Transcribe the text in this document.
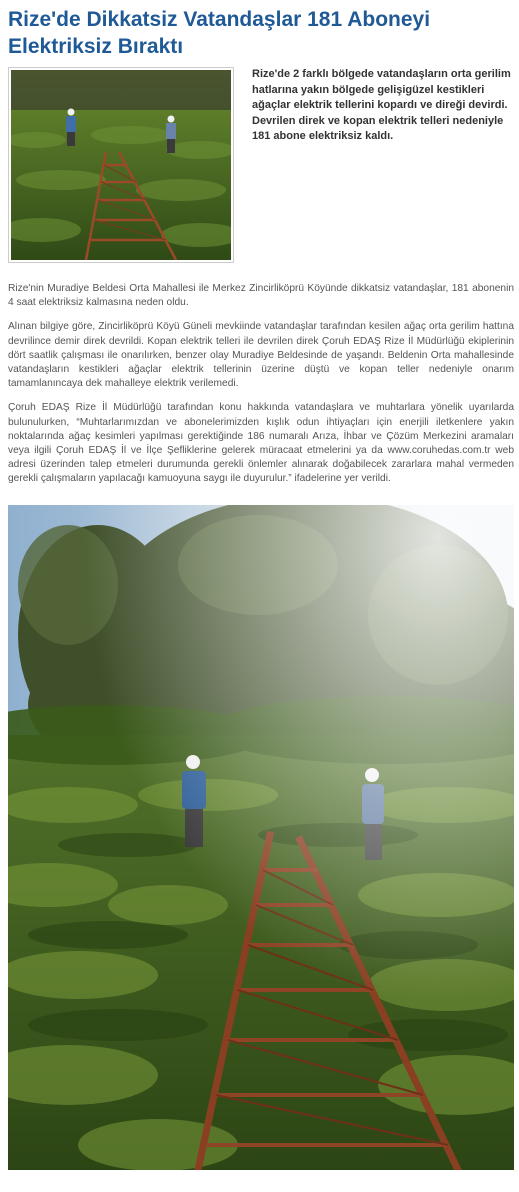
Rize'de Dikkatsiz Vatandaşlar 181 Aboneyi Elektriksiz Bıraktı

Rize'de 2 farklı bölgede vatandaşların orta gerilim hatlarına yakın bölgede gelişigüzel kestikleri ağaçlar elektrik tellerini kopardı ve direği devirdi. Devrilen direk ve kopan elektrik telleri nedeniyle 181 abone elektriksiz kaldı.

Rize'nin Muradiye Beldesi Orta Mahallesi ile Merkez Zincirliköprü Köyünde dikkatsiz vatandaşlar, 181 abonenin 4 saat elektriksiz kalmasına neden oldu.

Alınan bilgiye göre, Zincirliköprü Köyü Güneli mevkiinde vatandaşlar tarafından kesilen ağaç orta gerilim hattına devrilince demir direk devrildi. Kopan elektrik telleri ile devrilen direk Çoruh EDAŞ Rize İl Müdürlüğü ekiplerinin dört saatlik çalışması ile onarılırken, benzer olay Muradiye Beldesinde de yaşandı. Beldenin Orta mahallesinde vatandaşların kestikleri ağaçlar elektrik tellerinin üzerine düştü ve kopan teller nedeniyle onarım tamamlanıncaya dek mahalleye elektrik verilemedi.

Çoruh EDAŞ Rize İl Müdürlüğü tarafından konu hakkında vatandaşlara ve muhtarlara yönelik uyarılarda bulunulurken, “Muhtarlarımızdan ve abonelerimizden kışlık odun ihtiyaçları için enerjili iletkenlere yakın noktalarında ağaç kesimleri yapılması gerektiğinde 186 numaralı Arıza, İhbar ve Çözüm Merkezini aramaları veya ilgili Çoruh EDAŞ İl ve İlçe Şefliklerine gelerek müracaat etmelerini ya da www.coruhedas.com.tr web adresi üzerinden talep etmeleri durumunda gerekli önlemler alınarak doğabilecek zararlara mahal vermeden gerekli çalışmaların yapılacağı kamuoyuna saygı ile duyurulur.” ifadelerine yer verildi.
